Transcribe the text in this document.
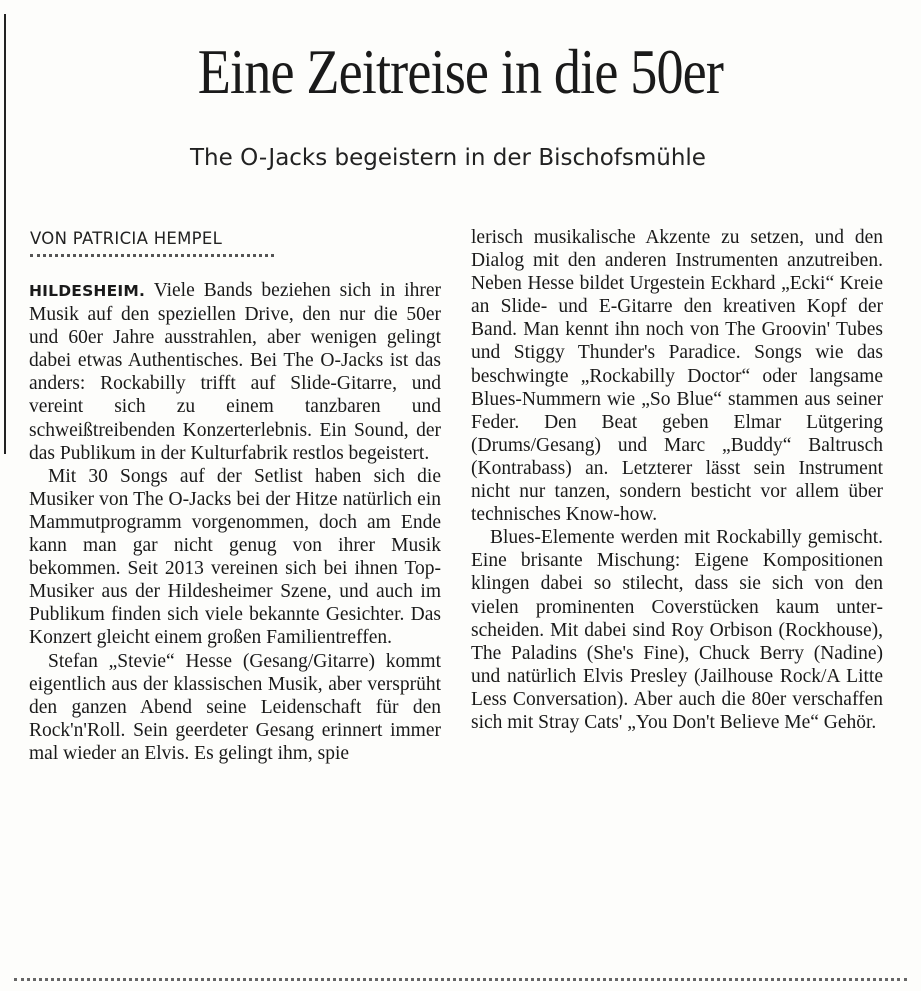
Eine Zeitreise in die 50er
The O-Jacks begeistern in der Bischofsmühle
VON PATRICIA HEMPEL

HILDESHEIM. Viele Bands beziehen sich in ihrer Musik auf den speziellen Drive, den nur die 50er und 60er Jahre ausstrahlen, aber wenigen gelingt dabei etwas Authentisches. Bei The O-Jacks ist das anders: Rockabilly trifft auf Slide-Gitarre, und vereint sich zu einem tanzbaren und schweißtreibenden Konzerterlebnis. Ein Sound, der das Publikum in der Kulturfabrik restlos begeistert.

Mit 30 Songs auf der Setlist haben sich die Musiker von The O-Jacks bei der Hitze natürlich ein Mammutprogramm vorgenommen, doch am Ende kann man gar nicht genug von ihrer Musik bekommen. Seit 2013 vereinen sich bei ihnen Top-Musiker aus der Hildesheimer Szene, und auch im Publikum finden sich viele bekannte Gesichter. Das Konzert gleicht einem großen Familientreffen.

Stefan „Stevie“ Hesse (Gesang/Gitarre) kommt eigentlich aus der klassischen Musik, aber versprüht den ganzen Abend seine Leidenschaft für den Rock'n'Roll. Sein geerdeter Gesang erinnert immer mal wieder an Elvis. Es gelingt ihm, spie

lerisch musikalische Akzente zu setzen, und den Dialog mit den anderen Instrumenten anzutreiben. Neben Hesse bildet Urgestein Eckhard „Ecki“ Kreie an Slide- und E-Gitarre den kreativen Kopf der Band. Man kennt ihn noch von The Groovin' Tubes und Stiggy Thunder's Paradice. Songs wie das beschwingte „Rockabilly Doctor“ oder langsame Blues-Nummern wie „So Blue“ stammen aus seiner Feder. Den Beat geben Elmar Lütgering (Drums/Gesang) und Marc „Buddy“ Baltrusch (Kontrabass) an. Letzterer lässt sein Instrument nicht nur tanzen, sondern besticht vor allem über technisches Know-how.

Blues-Elemente werden mit Rockabilly gemischt. Eine brisante Mischung: Eigene Kompositionen klingen dabei so stilecht, dass sie sich von den vielen prominenten Coverstücken kaum unterscheiden. Mit dabei sind Roy Orbison (Rockhouse), The Paladins (She's Fine), Chuck Berry (Nadine) und natürlich Elvis Presley (Jailhouse Rock/A Litte Less Conversation). Aber auch die 80er verschaffen sich mit Stray Cats' „You Don't Believe Me“ Gehör.
